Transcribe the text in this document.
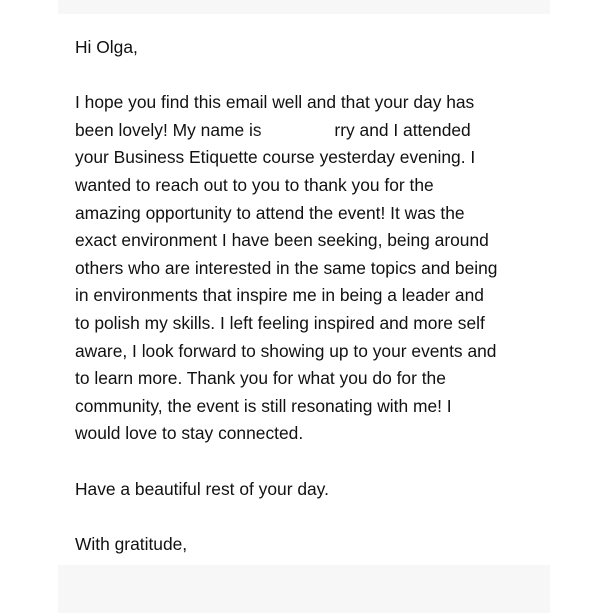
Hi Olga,

I hope you find this email well and that your day has

been lovely! My name is	rry and I attended

your Business Etiquette course yesterday evening. I

wanted to reach out to you to thank you for the

amazing opportunity to attend the event! It was the

exact environment I have been seeking, being around

others who are interested in the same topics and being

in environments that inspire me in being a leader and

to polish my skills. I left feeling inspired and more self

aware, I look forward to showing up to your events and

to learn more. Thank you for what you do for the

community, the event is still resonating with me! I

would love to stay connected.

Have a beautiful rest of your day.

With gratitude,
